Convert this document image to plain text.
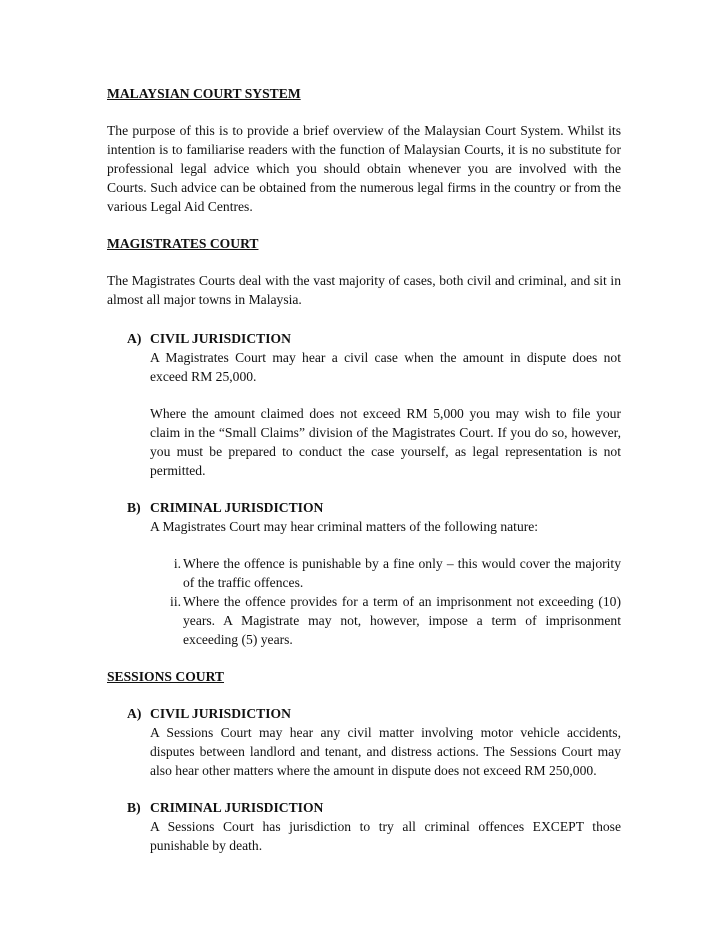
MALAYSIAN COURT SYSTEM

The purpose of this is to provide a brief overview of the Malaysian Court System. Whilst its intention is to familiarise readers with the function of Malaysian Courts, it is no substitute for professional legal advice which you should obtain whenever you are involved with the Courts. Such advice can be obtained from the numerous legal firms in the country or from the various Legal Aid Centres.

MAGISTRATES COURT

The Magistrates Courts deal with the vast majority of cases, both civil and criminal, and sit in almost all major towns in Malaysia.

A) CIVIL JURISDICTION

A Magistrates Court may hear a civil case when the amount in dispute does not exceed RM 25,000.

Where the amount claimed does not exceed RM 5,000 you may wish to file your claim in the “Small Claims” division of the Magistrates Court. If you do so, however, you must be prepared to conduct the case yourself, as legal representation is not permitted.

B) CRIMINAL JURISDICTION

A Magistrates Court may hear criminal matters of the following nature:

i. Where the offence is punishable by a fine only – this would cover the majority of the traffic offences.
ii. Where the offence provides for a term of an imprisonment not exceeding (10) years. A Magistrate may not, however, impose a term of imprisonment exceeding (5) years.

SESSIONS COURT

A) CIVIL JURISDICTION

A Sessions Court may hear any civil matter involving motor vehicle accidents, disputes between landlord and tenant, and distress actions. The Sessions Court may also hear other matters where the amount in dispute does not exceed RM 250,000.

B) CRIMINAL JURISDICTION

A Sessions Court has jurisdiction to try all criminal offences EXCEPT those punishable by death.
